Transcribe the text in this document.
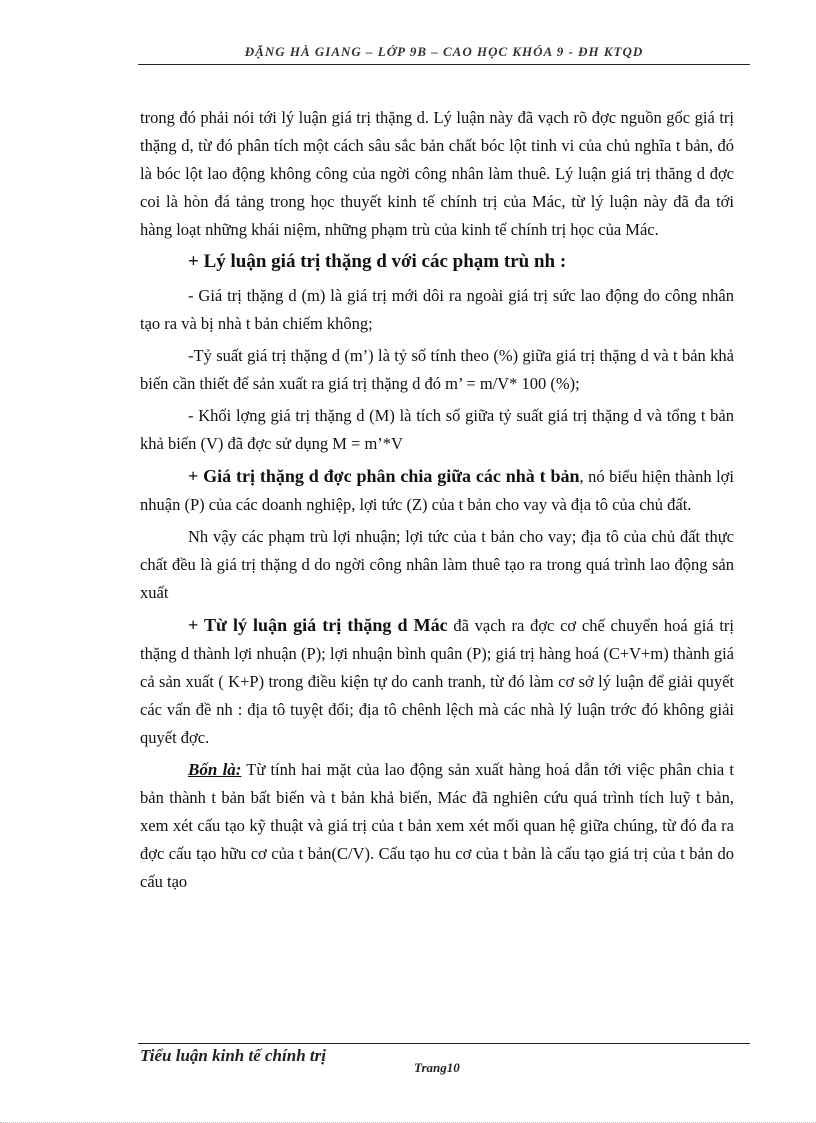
ĐẶNG HÀ GIANG – LỚP 9B – CAO HỌC KHÓA 9 - ĐH KTQD

trong đó phải nói tới lý luận giá trị thặng d. Lý luận này đã vạch rõ đợc nguồn gốc giá trị thặng d, từ đó phân tích một cách sâu sắc bản chất bóc lột tinh vi của chủ nghĩa t bản, đó là bóc lột lao động không công của ngời công nhân làm thuê. Lý luận giá trị thăng d đợc coi là hòn đá tảng trong học thuyết kinh tế chính trị của Mác, từ lý luận này đã đa tới hàng loạt những khái niệm, những phạm trù của kinh tế chính trị học của Mác.

+ Lý luận giá trị thặng d với các phạm trù nh :

- Giá trị thặng d (m) là giá trị mới dôi ra ngoài giá trị sức lao động do công nhân tạo ra và bị nhà t bản chiếm không;

-Tỷ suất giá trị thặng d (m’) là tỷ số tính theo (%) giữa giá trị thặng d và t bản khả biến cần thiết để sản xuất ra giá trị thặng d đó m’ = m/V* 100 (%);

- Khối lợng giá trị thặng d (M) là tích số giữa tỷ suất giá trị thặng d và tổng t bản khả biến (V) đã đợc sử dụng M = m’*V

+ Giá trị thặng d đợc phân chia giữa các nhà t bản, nó biểu hiện thành lợi nhuận (P) của các doanh nghiệp, lợi tức (Z) của t bản cho vay và địa tô của chủ đất.

Nh vậy các phạm trù lợi nhuận; lợi tức của t bản cho vay; địa tô của chủ đất thực chất đều là giá trị thặng d do ngời công nhân làm thuê tạo ra trong quá trình lao động sản xuất

+ Từ lý luận giá trị thặng d Mác đã vạch ra đợc cơ chế chuyển hoá giá trị thặng d thành lợi nhuận (P); lợi nhuận bình quân (P); giá trị hàng hoá (C+V+m) thành giá cả sản xuất ( K+P) trong điều kiện tự do canh tranh, từ đó làm cơ sở lý luận để giải quyết các vấn đề nh : địa tô tuyệt đối; địa tô chênh lệch mà các nhà lý luận trớc đó không giải quyết đợc.

Bốn là: Từ tính hai mặt của lao động sản xuất hàng hoá dẫn tới việc phân chia t bản thành t bản bất biến và t bản khả biến, Mác đã nghiên cứu quá trình tích luỹ t bản, xem xét cấu tạo kỹ thuật và giá trị của t bản xem xét mối quan hệ giữa chúng, từ đó đa ra đợc cấu tạo hữu cơ của t bản(C/V). Cấu tạo hu cơ của t bản là cấu tạo giá trị của t bản do cấu tạo

Tiểu luận kinh tế chính trị
Trang10
